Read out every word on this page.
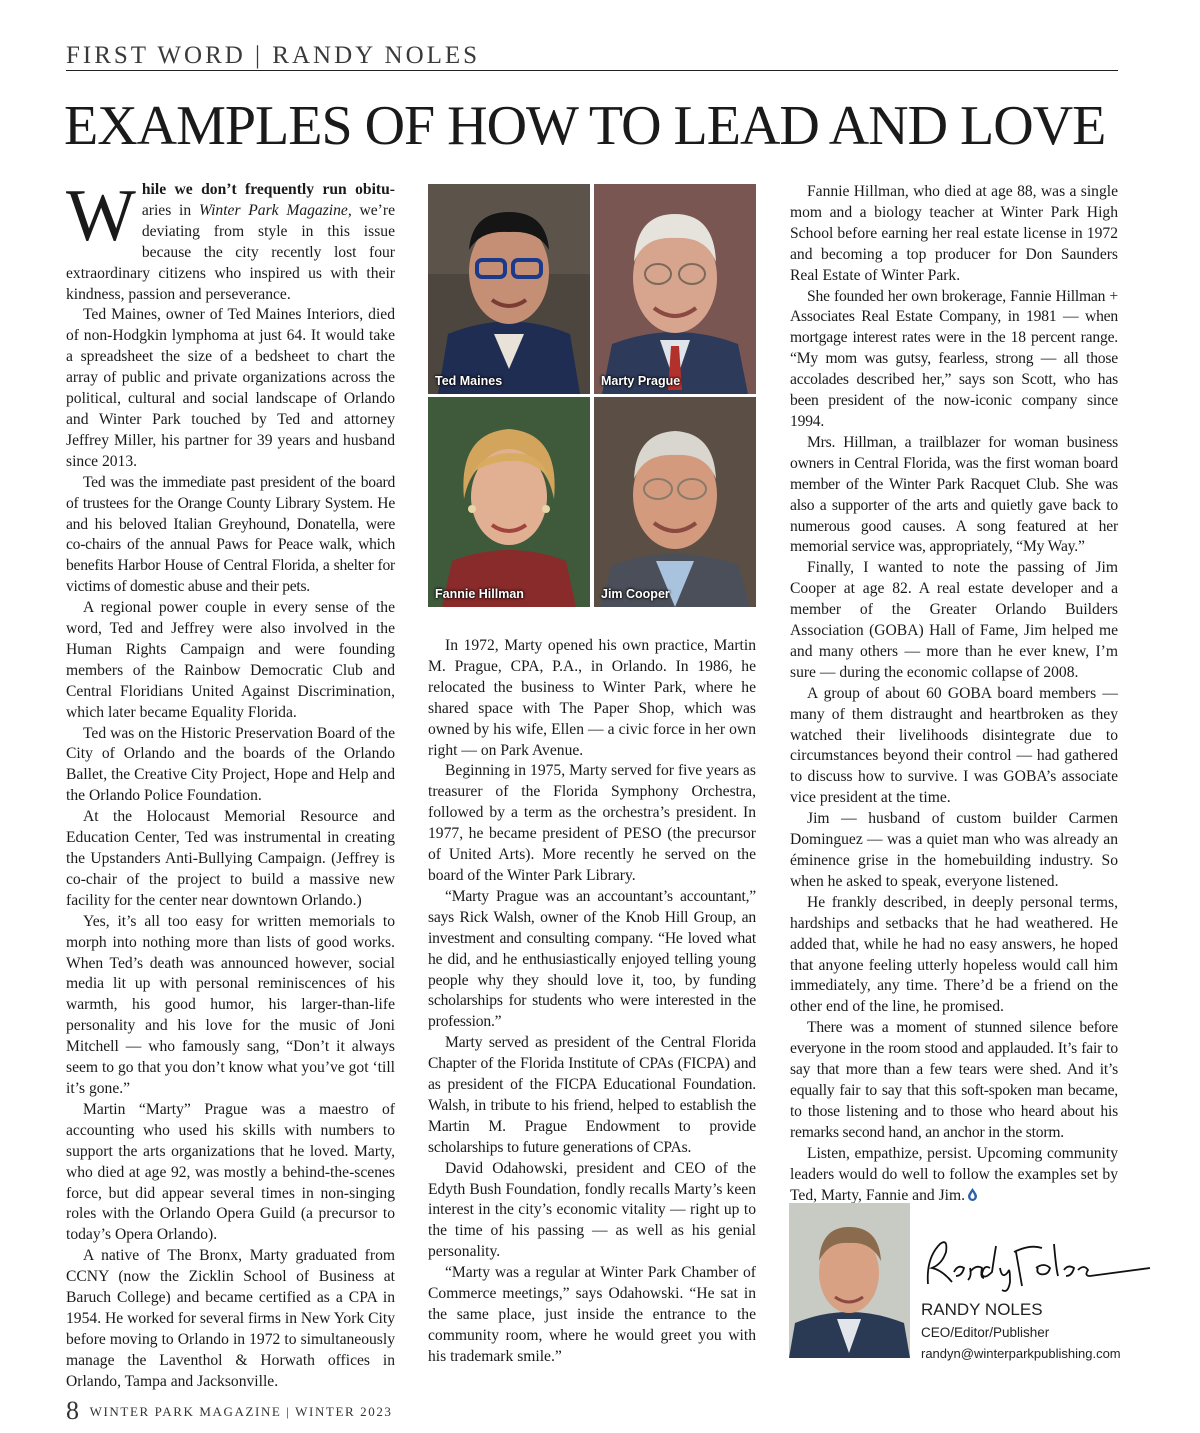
FIRST WORD | RANDY NOLES
EXAMPLES OF HOW TO LEAD AND LOVE

While we don’t frequently run obitu- aries in Winter Park Magazine, we’re deviating from style in this issue because the city recently lost four extraordinary citizens who inspired us with their kindness, passion and perseverance.

Ted Maines, owner of Ted Maines Interiors, died of non-Hodgkin lymphoma at just 64. It would take a spreadsheet the size of a bedsheet to chart the array of public and private organizations across the political, cultural and social landscape of Orlando and Winter Park touched by Ted and attorney Jeffrey Miller, his partner for 39 years and husband since 2013.

Ted was the immediate past president of the board of trustees for the Orange County Library System. He and his beloved Italian Greyhound, Donatella, were co-chairs of the annual Paws for Peace walk, which benefits Harbor House of Central Florida, a shelter for victims of domestic abuse and their pets.

A regional power couple in every sense of the word, Ted and Jeffrey were also involved in the Human Rights Campaign and were founding members of the Rainbow Democratic Club and Central Floridians United Against Discrimination, which later became Equality Florida.

Ted was on the Historic Preservation Board of the City of Orlando and the boards of the Orlando Ballet, the Creative City Project, Hope and Help and the Orlando Police Foundation.

At the Holocaust Memorial Resource and Education Center, Ted was instrumental in creating the Upstanders Anti-Bullying Campaign. (Jeffrey is co-chair of the project to build a massive new facility for the center near downtown Orlando.)

Yes, it’s all too easy for written memorials to morph into nothing more than lists of good works. When Ted’s death was announced however, social media lit up with personal reminiscences of his warmth, his good humor, his larger-than-life personality and his love for the music of Joni Mitchell — who famously sang, “Don’t it always seem to go that you don’t know what you’ve got ‘till it’s gone.”

Martin “Marty” Prague was a maestro of accounting who used his skills with numbers to support the arts organizations that he loved. Marty, who died at age 92, was mostly a behind-the-scenes force, but did appear several times in non-singing roles with the Orlando Opera Guild (a precursor to today’s Opera Orlando).

A native of The Bronx, Marty graduated from CCNY (now the Zicklin School of Business at Baruch College) and became certified as a CPA in 1954. He worked for several firms in New York City before moving to Orlando in 1972 to simultaneously manage the Laventhol & Horwath offices in Orlando, Tampa and Jacksonville.

Ted Maines	Marty Prague
Fannie Hillman	Jim Cooper

In 1972, Marty opened his own practice, Martin M. Prague, CPA, P.A., in Orlando. In 1986, he relocated the business to Winter Park, where he shared space with The Paper Shop, which was owned by his wife, Ellen — a civic force in her own right — on Park Avenue.

Beginning in 1975, Marty served for five years as treasurer of the Florida Symphony Orchestra, followed by a term as the orchestra’s president. In 1977, he became president of PESO (the precursor of United Arts). More recently he served on the board of the Winter Park Library.

“Marty Prague was an accountant’s accountant,” says Rick Walsh, owner of the Knob Hill Group, an investment and consulting company. “He loved what he did, and he enthusiastically enjoyed telling young people why they should love it, too, by funding scholarships for students who were interested in the profession.”

Marty served as president of the Central Florida Chapter of the Florida Institute of CPAs (FICPA) and as president of the FICPA Educational Foundation. Walsh, in tribute to his friend, helped to establish the Martin M. Prague Endowment to provide scholarships to future generations of CPAs.

David Odahowski, president and CEO of the Edyth Bush Foundation, fondly recalls Marty’s keen interest in the city’s economic vitality — right up to the time of his passing — as well as his genial personality.

“Marty was a regular at Winter Park Chamber of Commerce meetings,” says Odahowski. “He sat in the same place, just inside the entrance to the community room, where he would greet you with his trademark smile.”

Fannie Hillman, who died at age 88, was a single mom and a biology teacher at Winter Park High School before earning her real estate license in 1972 and becoming a top producer for Don Saunders Real Estate of Winter Park.

She founded her own brokerage, Fannie Hillman + Associates Real Estate Company, in 1981 — when mortgage interest rates were in the 18 percent range. “My mom was gutsy, fearless, strong — all those accolades described her,” says son Scott, who has been president of the now-iconic company since 1994.

Mrs. Hillman, a trailblazer for woman business owners in Central Florida, was the first woman board member of the Winter Park Racquet Club. She was also a supporter of the arts and quietly gave back to numerous good causes. A song featured at her memorial service was, appropriately, “My Way.”

Finally, I wanted to note the passing of Jim Cooper at age 82. A real estate developer and a member of the Greater Orlando Builders Association (GOBA) Hall of Fame, Jim helped me and many others — more than he ever knew, I’m sure — during the economic collapse of 2008.

A group of about 60 GOBA board members — many of them distraught and heartbroken as they watched their livelihoods disintegrate due to circumstances beyond their control — had gathered to discuss how to survive. I was GOBA’s associate vice president at the time.

Jim — husband of custom builder Carmen Dominguez — was a quiet man who was already an éminence grise in the homebuilding industry. So when he asked to speak, everyone listened.

He frankly described, in deeply personal terms, hardships and setbacks that he had weathered. He added that, while he had no easy answers, he hoped that anyone feeling utterly hopeless would call him immediately, any time. There’d be a friend on the other end of the line, he promised.

There was a moment of stunned silence before everyone in the room stood and applauded. It’s fair to say that more than a few tears were shed. And it’s equally fair to say that this soft-spoken man became, to those listening and to those who heard about his remarks second hand, an anchor in the storm.

Listen, empathize, persist. Upcoming community leaders would do well to follow the examples set by Ted, Marty, Fannie and Jim.

RANDY NOLES
CEO/Editor/Publisher
randyn@winterparkpublishing.com
8 WINTER PARK MAGAZINE | WINTER 2023
